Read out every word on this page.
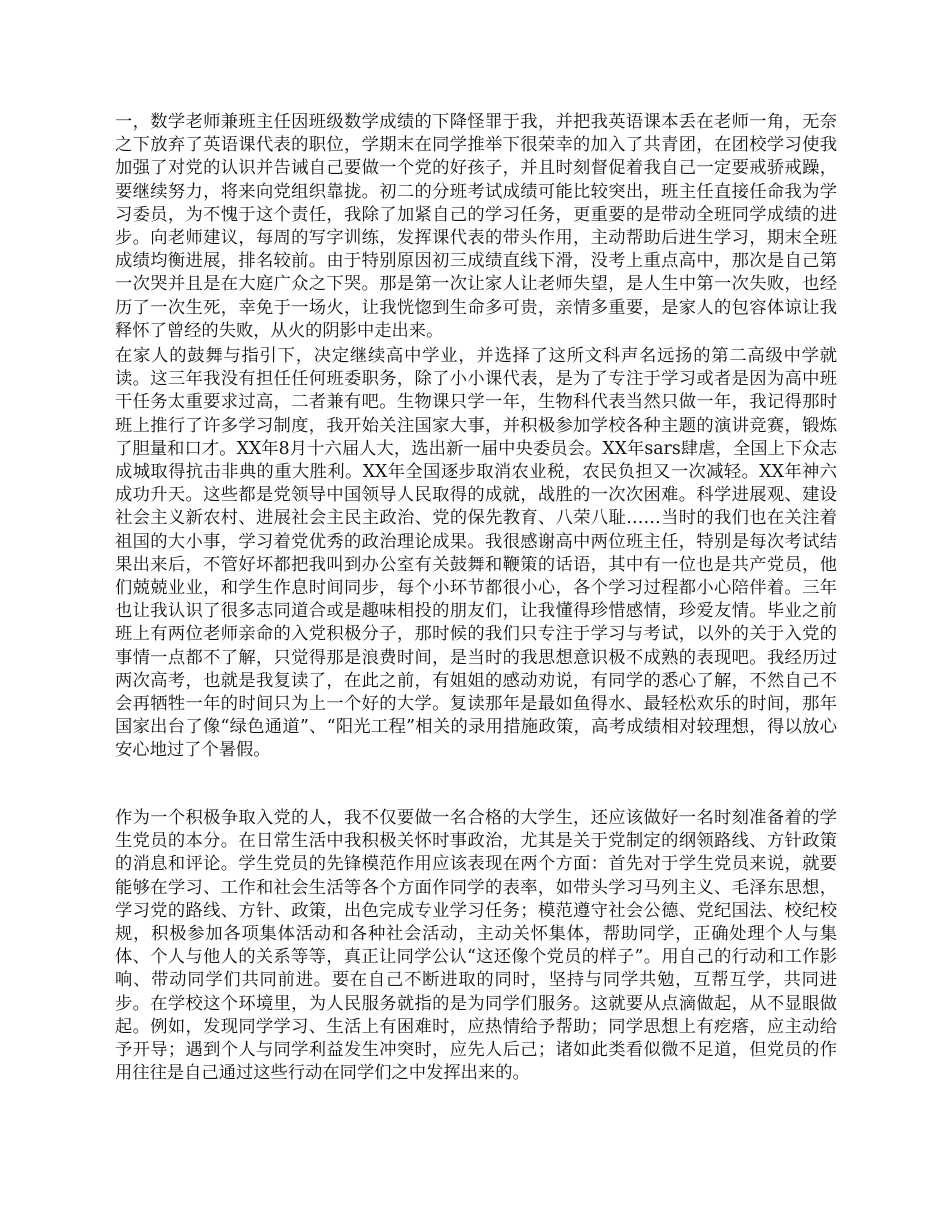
一，数学老师兼班主任因班级数学成绩的下降怪罪于我，并把我英语课本丢在老师一角，无奈之下放弃了英语课代表的职位，学期末在同学推举下很荣幸的加入了共青团，在团校学习使我加强了对党的认识并告诫自己要做一个党的好孩子，并且时刻督促着我自己一定要戒骄戒躁，要继续努力，将来向党组织靠拢。初二的分班考试成绩可能比较突出，班主任直接任命我为学习委员，为不愧于这个责任，我除了加紧自己的学习任务，更重要的是带动全班同学成绩的进步。向老师建议，每周的写字训练，发挥课代表的带头作用，主动帮助后进生学习，期末全班成绩均衡进展，排名较前。由于特别原因初三成绩直线下滑，没考上重点高中，那次是自己第一次哭并且是在大庭广众之下哭。那是第一次让家人让老师失望，是人生中第一次失败，也经历了一次生死，幸免于一场火，让我恍惚到生命多可贵，亲情多重要，是家人的包容体谅让我释怀了曾经的失败，从火的阴影中走出来。

在家人的鼓舞与指引下，决定继续高中学业，并选择了这所文科声名远扬的第二高级中学就读。这三年我没有担任任何班委职务，除了小小课代表，是为了专注于学习或者是因为高中班干任务太重要求过高，二者兼有吧。生物课只学一年，生物科代表当然只做一年，我记得那时班上推行了许多学习制度，我开始关注国家大事，并积极参加学校各种主题的演讲竞赛，锻炼了胆量和口才。XX年8月十六届人大，选出新一届中央委员会。XX年sars肆虐，全国上下众志成城取得抗击非典的重大胜利。XX年全国逐步取消农业税，农民负担又一次减轻。XX年神六成功升天。这些都是党领导中国领导人民取得的成就，战胜的一次次困难。科学进展观、建设社会主义新农村、进展社会主民主政治、党的保先教育、八荣八耻……当时的我们也在关注着祖国的大小事，学习着党优秀的政治理论成果。我很感谢高中两位班主任，特别是每次考试结果出来后，不管好坏都把我叫到办公室有关鼓舞和鞭策的话语，其中有一位也是共产党员，他们兢兢业业，和学生作息时间同步，每个小环节都很小心，各个学习过程都小心陪伴着。三年也让我认识了很多志同道合或是趣味相投的朋友们，让我懂得珍惜感情，珍爱友情。毕业之前班上有两位老师亲命的入党积极分子，那时候的我们只专注于学习与考试，以外的关于入党的事情一点都不了解，只觉得那是浪费时间，是当时的我思想意识极不成熟的表现吧。我经历过两次高考，也就是我复读了，在此之前，有姐姐的感动劝说，有同学的悉心了解，不然自己不会再牺牲一年的时间只为上一个好的大学。复读那年是最如鱼得水、最轻松欢乐的时间，那年国家出台了像“绿色通道”、“阳光工程”相关的录用措施政策，高考成绩相对较理想，得以放心安心地过了个暑假。

作为一个积极争取入党的人，我不仅要做一名合格的大学生，还应该做好一名时刻准备着的学生党员的本分。在日常生活中我积极关怀时事政治，尤其是关于党制定的纲领路线、方针政策的消息和评论。学生党员的先锋模范作用应该表现在两个方面：首先对于学生党员来说，就要能够在学习、工作和社会生活等各个方面作同学的表率，如带头学习马列主义、毛泽东思想，学习党的路线、方针、政策，出色完成专业学习任务；模范遵守社会公德、党纪国法、校纪校规，积极参加各项集体活动和各种社会活动，主动关怀集体，帮助同学，正确处理个人与集体、个人与他人的关系等等，真正让同学公认“这还像个党员的样子”。用自己的行动和工作影响、带动同学们共同前进。要在自己不断进取的同时，坚持与同学共勉，互帮互学，共同进步。在学校这个环境里，为人民服务就指的是为同学们服务。这就要从点滴做起，从不显眼做起。例如，发现同学学习、生活上有困难时，应热情给予帮助；同学思想上有疙瘩，应主动给予开导；遇到个人与同学利益发生冲突时，应先人后己；诸如此类看似微不足道，但党员的作用往往是自己通过这些行动在同学们之中发挥出来的。
